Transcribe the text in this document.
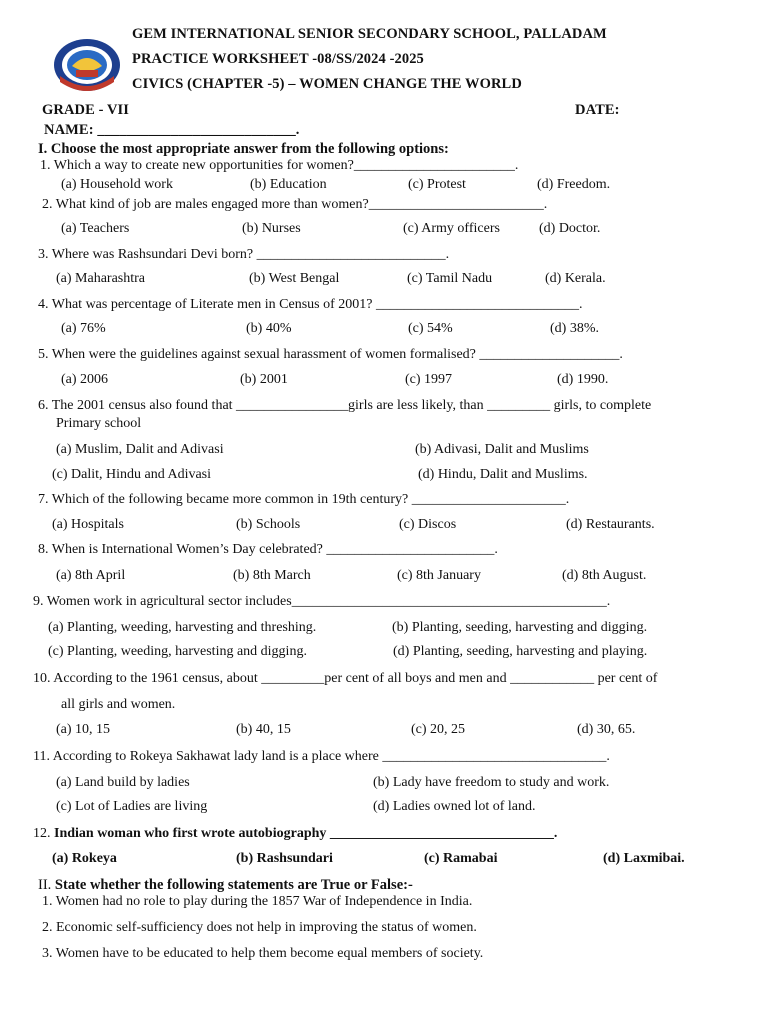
GEM INTERNATIONAL SENIOR SECONDARY SCHOOL, PALLADAM
PRACTICE WORKSHEET -08/SS/2024 -2025
CIVICS (CHAPTER -5) – WOMEN CHANGE THE WORLD
GRADE - VII	DATE:
NAME: ___________________________.
I. Choose the most appropriate answer from the following options:
1. Which a way to create new opportunities for women?_______________________.
(a) Household work	(b) Education	(c) Protest	(d) Freedom.
2. What kind of job are males engaged more than women?_________________________.
(a) Teachers	(b) Nurses	(c) Army officers	(d) Doctor.
3. Where was Rashsundari Devi born? ___________________________.
(a) Maharashtra	(b) West Bengal	(c) Tamil Nadu	(d) Kerala.
4. What was percentage of Literate men in Census of 2001? _____________________________.
(a) 76%	(b) 40%	(c) 54%	(d) 38%.
5. When were the guidelines against sexual harassment of women formalised? ____________________.
(a) 2006	(b) 2001	(c) 1997	(d) 1990.
6. The 2001 census also found that ________________girls are less likely, than _________ girls, to complete
Primary school
(a) Muslim, Dalit and Adivasi	(b) Adivasi, Dalit and Muslims
(c) Dalit, Hindu and Adivasi	(d) Hindu, Dalit and Muslims.
7. Which of the following became more common in 19th century? ______________________.
(a) Hospitals	(b) Schools	(c) Discos	(d) Restaurants.
8. When is International Women’s Day celebrated? ________________________.
(a) 8th April	(b) 8th March	(c) 8th January	(d) 8th August.
9. Women work in agricultural sector includes_____________________________________________.
(a) Planting, weeding, harvesting and threshing.	(b) Planting, seeding, harvesting and digging.
(c) Planting, weeding, harvesting and digging.	(d) Planting, seeding, harvesting and playing.
10. According to the 1961 census, about _________per cent of all boys and men and ____________ per cent of
all girls and women.
(a) 10, 15	(b) 40, 15	(c) 20, 25	(d) 30, 65.
11. According to Rokeya Sakhawat lady land is a place where ________________________________.
(a) Land build by ladies	(b) Lady have freedom to study and work.
(c) Lot of Ladies are living	(d) Ladies owned lot of land.
12. Indian woman who first wrote autobiography ________________________________.
(a) Rokeya	(b) Rashsundari	(c) Ramabai	(d) Laxmibai.
II. State whether the following statements are True or False:-
1. Women had no role to play during the 1857 War of Independence in India.
2. Economic self-sufficiency does not help in improving the status of women.
3. Women have to be educated to help them become equal members of society.
